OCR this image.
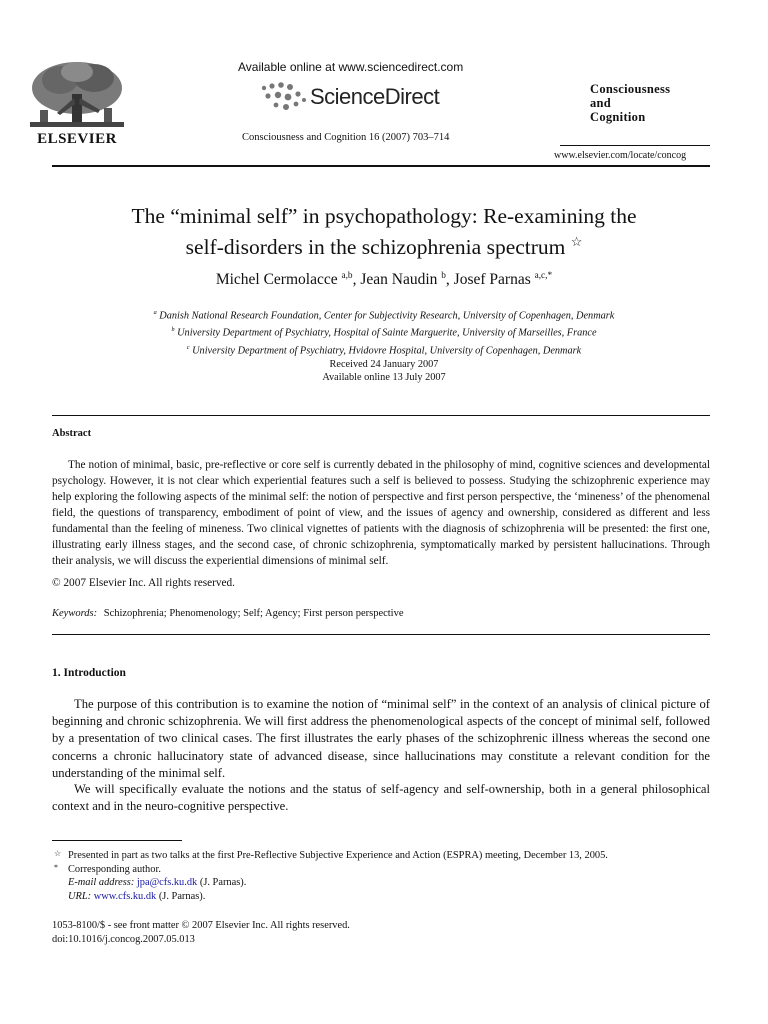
ELSEVIER
Available online at www.sciencedirect.com
ScienceDirect
Consciousness and Cognition 16 (2007) 703–714
Consciousness
and
Cognition
www.elsevier.com/locate/concog
The “minimal self” in psychopathology: Re-examining the
self-disorders in the schizophrenia spectrum ☆
Michel Cermolacce $^{a,b}$, Jean Naudin $^b$, Josef Parnas $^{a,c,*}$
$^a$ Danish National Research Foundation, Center for Subjectivity Research, University of Copenhagen, Denmark
$^b$ University Department of Psychiatry, Hospital of Sainte Marguerite, University of Marseilles, France
$^c$ University Department of Psychiatry, Hvidovre Hospital, University of Copenhagen, Denmark
Received 24 January 2007
Available online 13 July 2007
Abstract
The notion of minimal, basic, pre-reflective or core self is currently debated in the philosophy of mind, cognitive sciences and developmental psychology. However, it is not clear which experiential features such a self is believed to possess. Studying the schizophrenic experience may help exploring the following aspects of the minimal self: the notion of perspective and first person perspective, the ‘mineness’ of the phenomenal field, the questions of transparency, embodiment of point of view, and the issues of agency and ownership, considered as different and less fundamental than the feeling of mineness. Two clinical vignettes of patients with the diagnosis of schizophrenia will be presented: the first one, illustrating early illness stages, and the second case, of chronic schizophrenia, symptomatically marked by persistent hallucinations. Through their analysis, we will discuss the experiential dimensions of minimal self.
© 2007 Elsevier Inc. All rights reserved.
Keywords: Schizophrenia; Phenomenology; Self; Agency; First person perspective
1. Introduction
The purpose of this contribution is to examine the notion of “minimal self” in the context of an analysis of clinical picture of beginning and chronic schizophrenia. We will first address the phenomenological aspects of the concept of minimal self, followed by a presentation of two clinical cases. The first illustrates the early phases of the schizophrenic illness whereas the second one concerns a chronic hallucinatory state of advanced disease, since hallucinations may constitute a relevant condition for the understanding of the minimal self.
We will specifically evaluate the notions and the status of self-agency and self-ownership, both in a general philosophical context and in the neuro-cognitive perspective.
☆ Presented in part as two talks at the first Pre-Reflective Subjective Experience and Action (ESPRA) meeting, December 13, 2005.
* Corresponding author.
E-mail address: jpa@cfs.ku.dk (J. Parnas).
URL: www.cfs.ku.dk (J. Parnas).
1053-8100/$ - see front matter © 2007 Elsevier Inc. All rights reserved.
doi:10.1016/j.concog.2007.05.013
